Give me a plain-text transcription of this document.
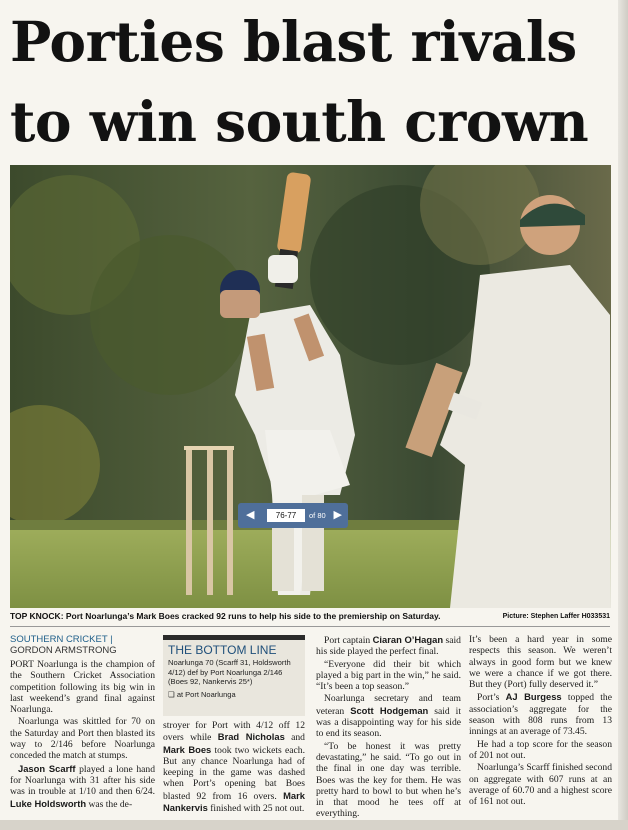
Porties blast rivals
to win south crown
◀	76-77	of 80 ▶
TOP KNOCK: Port Noarlunga’s Mark Boes cracked 92 runs to help his side to the premiership on Saturday.	Picture: Stephen Laffer H033531
SOUTHERN CRICKET |
GORDON ARMSTRONG

PORT Noarlunga is the champion of the Southern Cricket Association competition following its big win in last weekend’s grand final against Noarlunga.

Noarlunga was skittled for 70 on the Saturday and Port then blasted its way to 2/146 before Noarlunga conceded the match at stumps.

Jason Scarff played a lone hand for Noarlunga with 31 after his side was in trouble at 1/10 and then 6/24. Luke Holdsworth was the de-

THE BOTTOM LINE
Noarlunga 70 (Scarff 31, Holdsworth 4/12) def by Port Noarlunga 2/146 (Boes 92, Nankervis 25*)
❏ at Port Noarlunga

stroyer for Port with 4/12 off 12 overs while Brad Nicholas and Mark Boes took two wickets each. But any chance Noarlunga had of keeping in the game was dashed when Port’s opening bat Boes blasted 92 from 16 overs. Mark Nankervis finished with 25 not out.

Port captain Ciaran O’Hagan said his side played the perfect final.

“Everyone did their bit which played a big part in the win,” he said. “It’s been a top season.”

Noarlunga secretary and team veteran Scott Hodgeman said it was a disappointing way for his side to end its season.

“To be honest it was pretty devastating,” he said. “To go out in the final in one day was terrible. Boes was the key for them. He was pretty hard to bowl to but when he’s in that mood he tees off at everything.

It’s been a hard year in some respects this season. We weren’t always in good form but we knew we were a chance if we got there. But they (Port) fully deserved it.”

Port’s AJ Burgess topped the association’s aggregate for the season with 808 runs from 13 innings at an average of 73.45.

He had a top score for the season of 201 not out.

Noarlunga’s Scarff finished second on aggregate with 607 runs at an average of 60.70 and a highest score of 161 not out.
